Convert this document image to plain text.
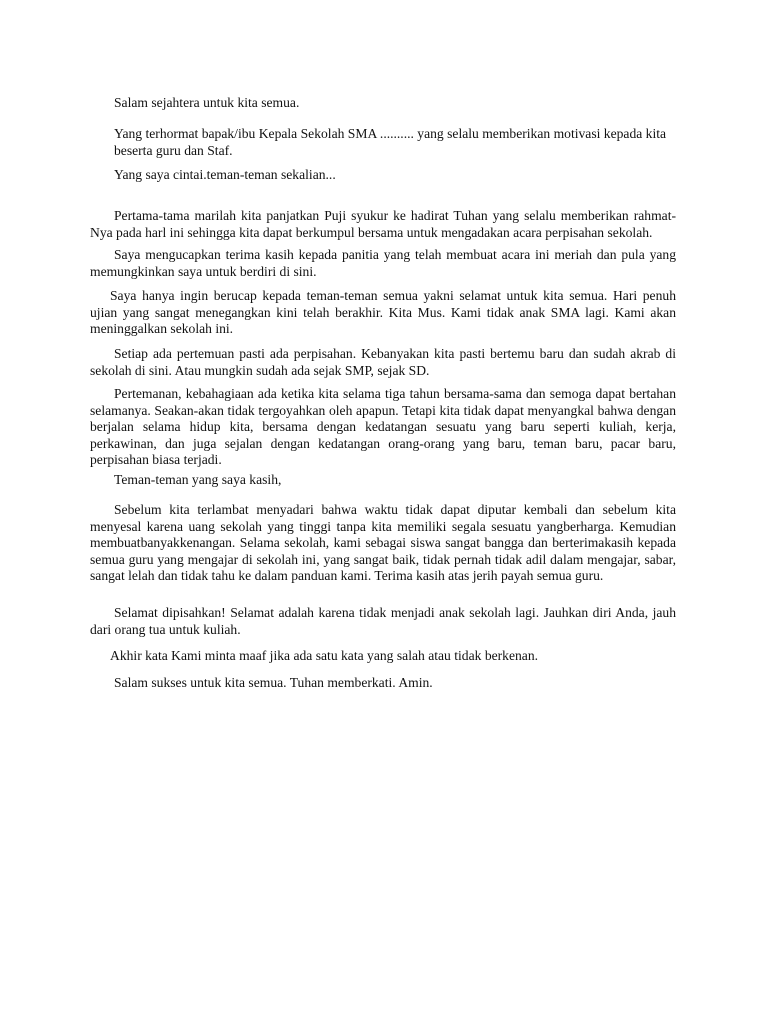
Salam sejahtera untuk kita semua.

Yang terhormat bapak/ibu Kepala Sekolah SMA .......... yang selalu memberikan motivasi kepada kita beserta guru dan Staf.

Yang saya cintai.teman-teman sekalian...

Pertama-tama marilah kita panjatkan Puji syukur ke hadirat Tuhan yang selalu memberikan rahmat-Nya pada harl ini sehingga kita dapat berkumpul bersama untuk mengadakan acara perpisahan sekolah.

Saya mengucapkan terima kasih kepada panitia yang telah membuat acara ini meriah dan pula yang memungkinkan saya untuk berdiri di sini.

Saya hanya ingin berucap kepada teman-teman semua yakni selamat untuk kita semua. Hari penuh ujian yang sangat menegangkan kini telah berakhir. Kita Mus. Kami tidak anak SMA lagi. Kami akan meninggalkan sekolah ini.

Setiap ada pertemuan pasti ada perpisahan. Kebanyakan kita pasti bertemu baru dan sudah akrab di sekolah di sini. Atau mungkin sudah ada sejak SMP, sejak SD.

Pertemanan, kebahagiaan ada ketika kita selama tiga tahun bersama-sama dan semoga dapat bertahan selamanya. Seakan-akan tidak tergoyahkan oleh apapun. Tetapi kita tidak dapat menyangkal bahwa dengan berjalan selama hidup kita, bersama dengan kedatangan sesuatu yang baru seperti kuliah, kerja, perkawinan, dan juga sejalan dengan kedatangan orang-orang yang baru, teman baru, pacar baru, perpisahan biasa terjadi.

Teman-teman yang saya kasih,

Sebelum kita terlambat menyadari bahwa waktu tidak dapat diputar kembali dan sebelum kita menyesal karena uang sekolah yang tinggi tanpa kita memiliki segala sesuatu yangberharga. Kemudian membuatbanyakkenangan. Selama sekolah, kami sebagai siswa sangat bangga dan berterimakasih kepada semua guru yang mengajar di sekolah ini, yang sangat baik, tidak pernah tidak adil dalam mengajar, sabar, sangat lelah dan tidak tahu ke dalam panduan kami. Terima kasih atas jerih payah semua guru.

Selamat dipisahkan! Selamat adalah karena tidak menjadi anak sekolah lagi. Jauhkan diri Anda, jauh dari orang tua untuk kuliah.

Akhir kata Kami minta maaf jika ada satu kata yang salah atau tidak berkenan.

Salam sukses untuk kita semua. Tuhan memberkati. Amin.
